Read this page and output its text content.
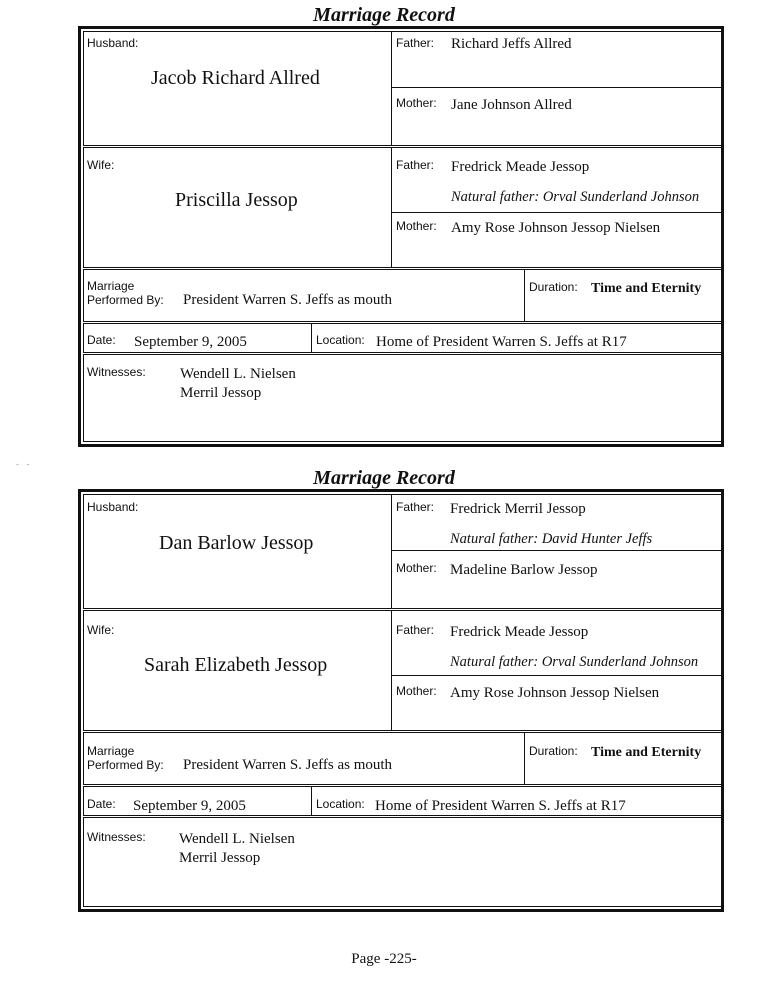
Marriage Record
Husband:
Jacob Richard Allred
Father: Richard Jeffs Allred
Mother: Jane Johnson Allred
Wife:
Priscilla Jessop
Father: Fredrick Meade Jessop
Natural father: Orval Sunderland Johnson
Mother: Amy Rose Johnson Jessop Nielsen
Marriage
Performed By: President Warren S. Jeffs as mouth
Duration: Time and Eternity
Date: September 9, 2005	Location: Home of President Warren S. Jeffs at R17
Witnesses: Wendell L. Nielsen
Merril Jessop
-   -
Marriage Record
Husband:
Dan Barlow Jessop
Father: Fredrick Merril Jessop
Natural father: David Hunter Jeffs
Mother: Madeline Barlow Jessop
Wife:
Sarah Elizabeth Jessop
Father: Fredrick Meade Jessop
Natural father: Orval Sunderland Johnson
Mother: Amy Rose Johnson Jessop Nielsen
Marriage
Performed By: President Warren S. Jeffs as mouth
Duration: Time and Eternity
Date: September 9, 2005	Location: Home of President Warren S. Jeffs at R17
Witnesses: Wendell L. Nielsen
Merril Jessop
Page -225-
